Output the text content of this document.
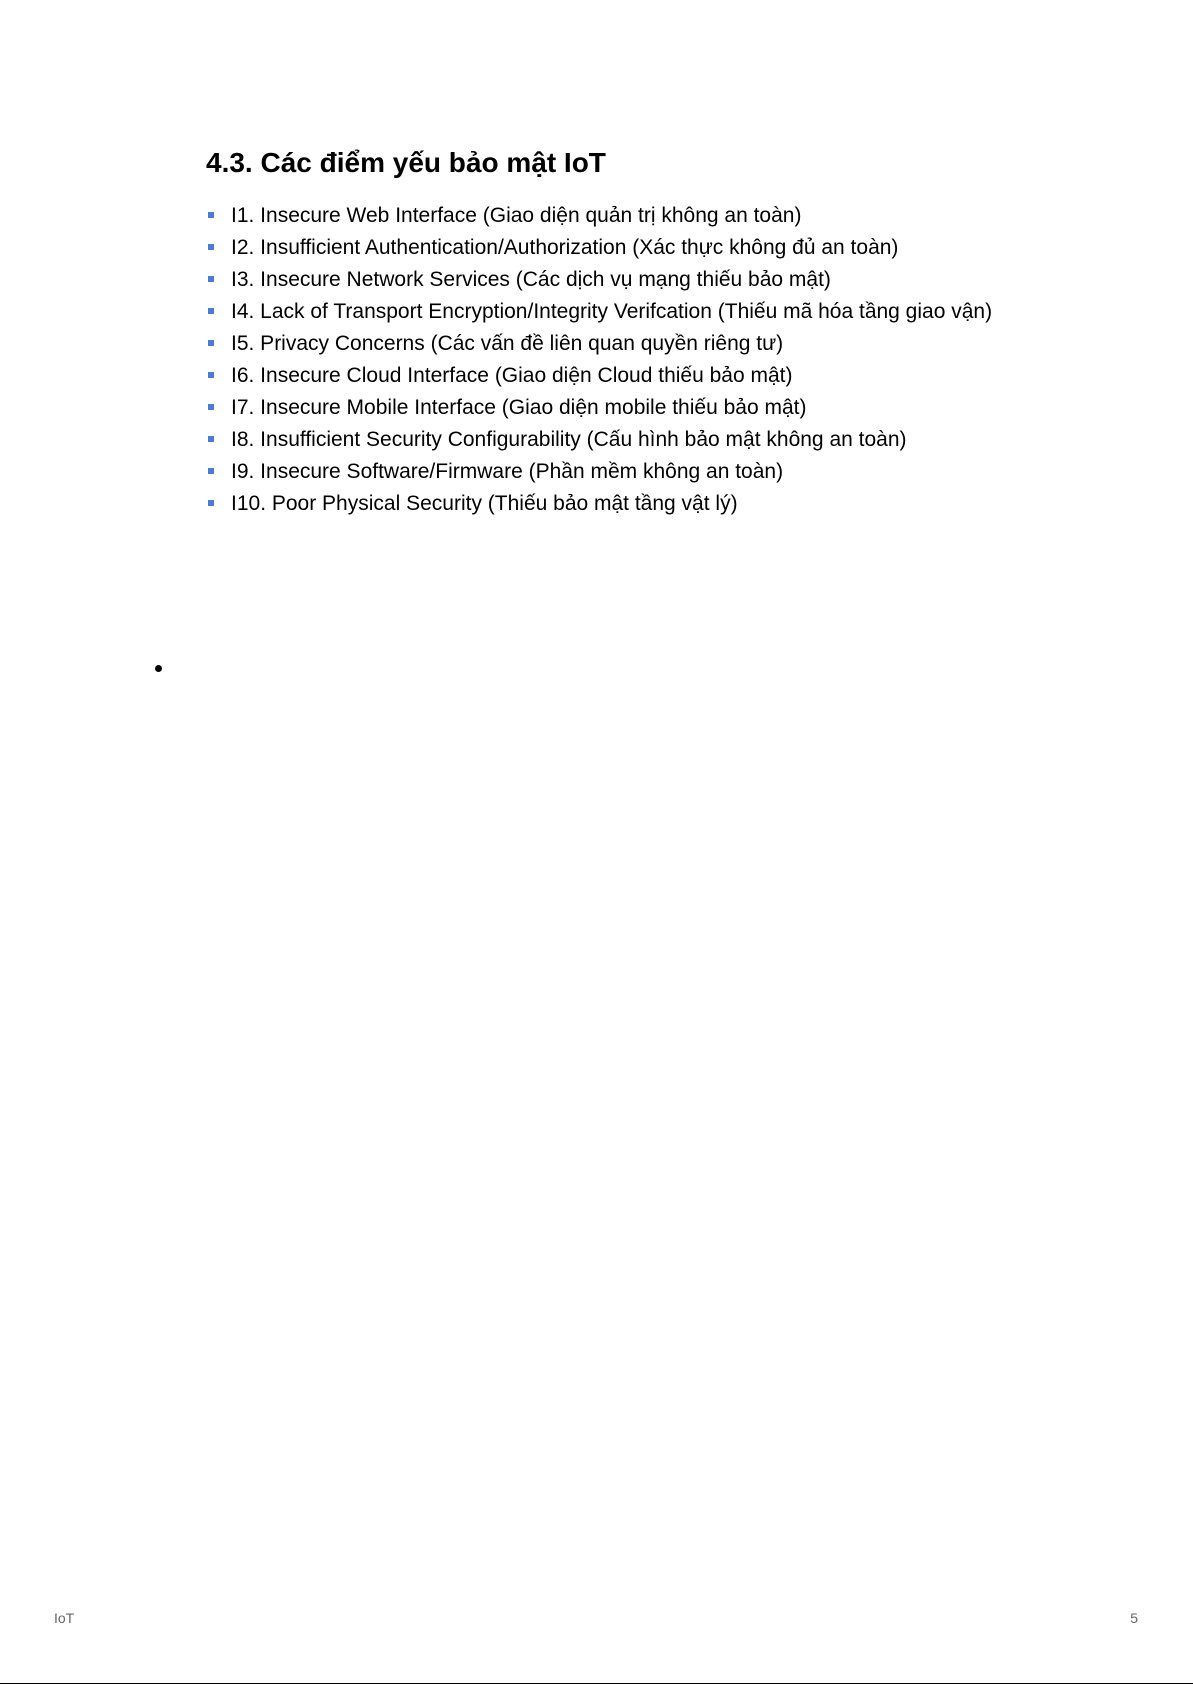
4.3. Các điểm yếu bảo mật IoT
I1. Insecure Web Interface (Giao diện quản trị không an toàn)
I2. Insufficient Authentication/Authorization (Xác thực không đủ an toàn)
I3. Insecure Network Services (Các dịch vụ mạng thiếu bảo mật)
I4. Lack of Transport Encryption/Integrity Verifcation (Thiếu mã hóa tầng giao vận)
I5. Privacy Concerns (Các vấn đề liên quan quyền riêng tư)
I6. Insecure Cloud Interface (Giao diện Cloud thiếu bảo mật)
I7. Insecure Mobile Interface (Giao diện mobile thiếu bảo mật)
I8. Insufficient Security Configurability (Cấu hình bảo mật không an toàn)
I9. Insecure Software/Firmware (Phần mềm không an toàn)
I10. Poor Physical Security (Thiếu bảo mật tầng vật lý)
IoT	5
